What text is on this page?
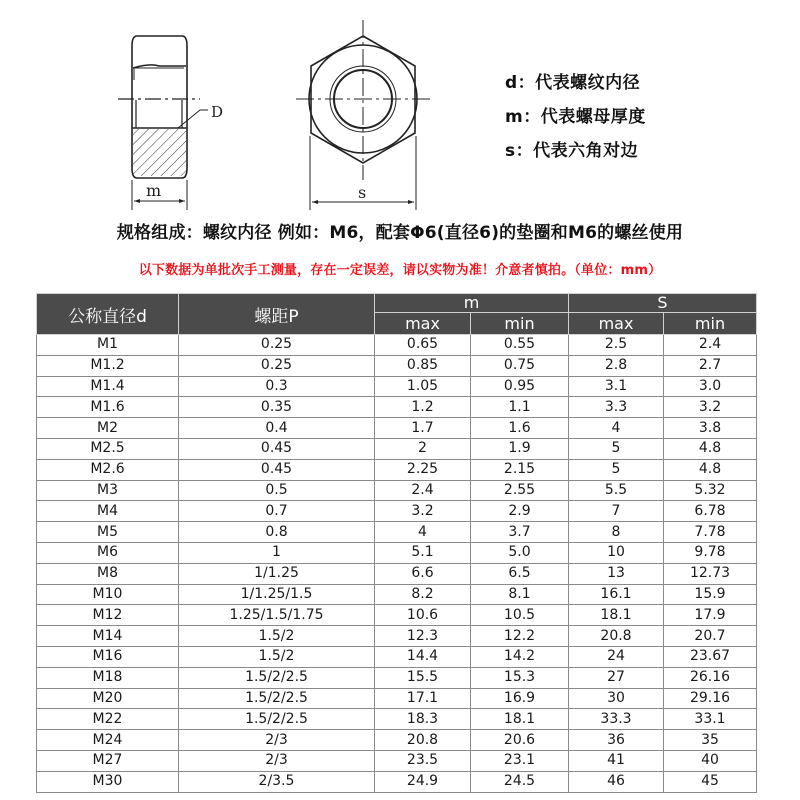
D
m	s
d：代表螺纹内径
m：代表螺母厚度
s：代表六角对边
规格组成：螺纹内径 例如：M6，配套Φ6(直径6)的垫圈和M6的螺丝使用
以下数据为单批次手工测量，存在一定误差，请以实物为准！介意者慎拍。（单位：mm）
公称直径d	螺距P	m		S	
		max	min	max	min
M1	0.25	0.65	0.55	2.5	2.4
M1.2	0.25	0.85	0.75	2.8	2.7
M1.4	0.3	1.05	0.95	3.1	3.0
M1.6	0.35	1.2	1.1	3.3	3.2
M2	0.4	1.7	1.6	4	3.8
M2.5	0.45	2	1.9	5	4.8
M2.6	0.45	2.25	2.15	5	4.8
M3	0.5	2.4	2.55	5.5	5.32
M4	0.7	3.2	2.9	7	6.78
M5	0.8	4	3.7	8	7.78
M6	1	5.1	5.0	10	9.78
M8	1/1.25	6.6	6.5	13	12.73
M10	1/1.25/1.5	8.2	8.1	16.1	15.9
M12	1.25/1.5/1.75	10.6	10.5	18.1	17.9
M14	1.5/2	12.3	12.2	20.8	20.7
M16	1.5/2	14.4	14.2	24	23.67
M18	1.5/2/2.5	15.5	15.3	27	26.16
M20	1.5/2/2.5	17.1	16.9	30	29.16
M22	1.5/2/2.5	18.3	18.1	33.3	33.1
M24	2/3	20.8	20.6	36	35
M27	2/3	23.5	23.1	41	40
M30	2/3.5	24.9	24.5	46	45
